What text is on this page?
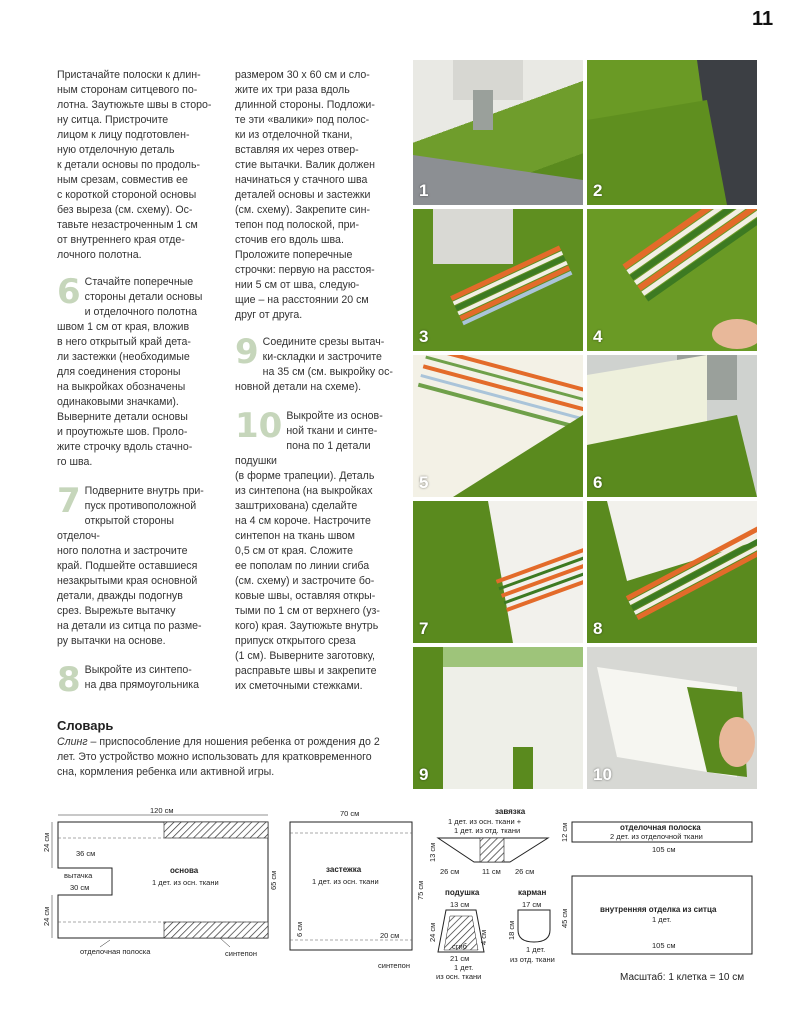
11

Пристачайте полоски к длин-
ным сторонам ситцевого по-
лотна. Заутюжьте швы в сторо-
ну ситца. Пристрочите
лицом к лицу подготовлен-
ную отделочную деталь
к детали основы по продоль-
ным срезам, совместив ее
с короткой стороной основы
без выреза (см. схему). Ос-
тавьте незастроченным 1 см
от внутреннего края отде-
лочного полотна.

6 Стачайте поперечные
стороны детали основы
и отделочного полотна
швом 1 см от края, вложив
в него открытый край дета-
ли застежки (необходимые
для соединения стороны
на выкройках обозначены
одинаковыми значками).
Выверните детали основы
и проутюжьте шов. Проло-
жите строчку вдоль стачно-
го шва.
7 Подверните внутрь при-
пуск противоположной
открытой стороны отделоч-
ного полотна и застрочите
край. Подшейте оставшиеся
незакрытыми края основной
детали, дважды подогнув
срез. Вырежьте вытачку
на детали из ситца по разме-
ру вытачки на основе.
8 Выкройте из синтепо-
на два прямоугольника

размером 30 х 60 см и сло-
жите их три раза вдоль
длинной стороны. Подложи-
те эти «валики» под полос-
ки из отделочной ткани,
вставляя их через отвер-
стие вытачки. Валик должен
начинаться у стачного шва
деталей основы и застежки
(см. схему). Закрепите син-
тепон под полоской, при-
сточив его вдоль шва.
Проложите поперечные
строчки: первую на расстоя-
нии 5 см от шва, следую-
щие – на расстоянии 20 см
друг от друга.

9 Соедините срезы вытач-
ки-складки и застрочите
на 35 см (см. выкройку ос-
новной детали на схеме).
10 Выкройте из основ-
ной ткани и синте-
пона по 1 детали подушки
(в форме трапеции). Деталь
из синтепона (на выкройках
заштрихована) сделайте
на 4 см короче. Настрочите
синтепон на ткань швом
0,5 см от края. Сложите
ее пополам по линии сгиба
(см. схему) и застрочите бо-
ковые швы, оставляя откры-
тыми по 1 см от верхнего (уз-
кого) края. Заутюжьте внутрь
припуск открытого среза
(1 см). Выверните заготовку,
расправьте швы и закрепите
их сметочными стежками.
1	2
3	4
5	6
7	8
9	10
Словарь
Слинг – приспособление для ношения ребенка от рождения до 2 лет. Это устройство можно использовать для кратковременного сна, кормления ребенка или активной игры.
120 см
24 см
24 см
36 см
вытачка
30 см
основа
1 дет. из осн. ткани	65 см
отделочная полоска	синтепон
70 см
застежка
1 дет. из осн. ткани	75 см
6 см	20 см
синтепон
завязка
1 дет. из осн. ткани +
1 дет. из отд. ткани
13 см
26 см	11 см 26 см
подушка
13 см
24 см	4 см
сгиб
21 см
1 дет.
из осн. ткани
карман
17 см
18 см
1 дет.
из отд. ткани
12 см	отделочная полоска
2 дет. из отделочной ткани
105 см
45 см	внутренняя отделка из ситца
1 дет.
105 см
Масштаб: 1 клетка = 10 см
